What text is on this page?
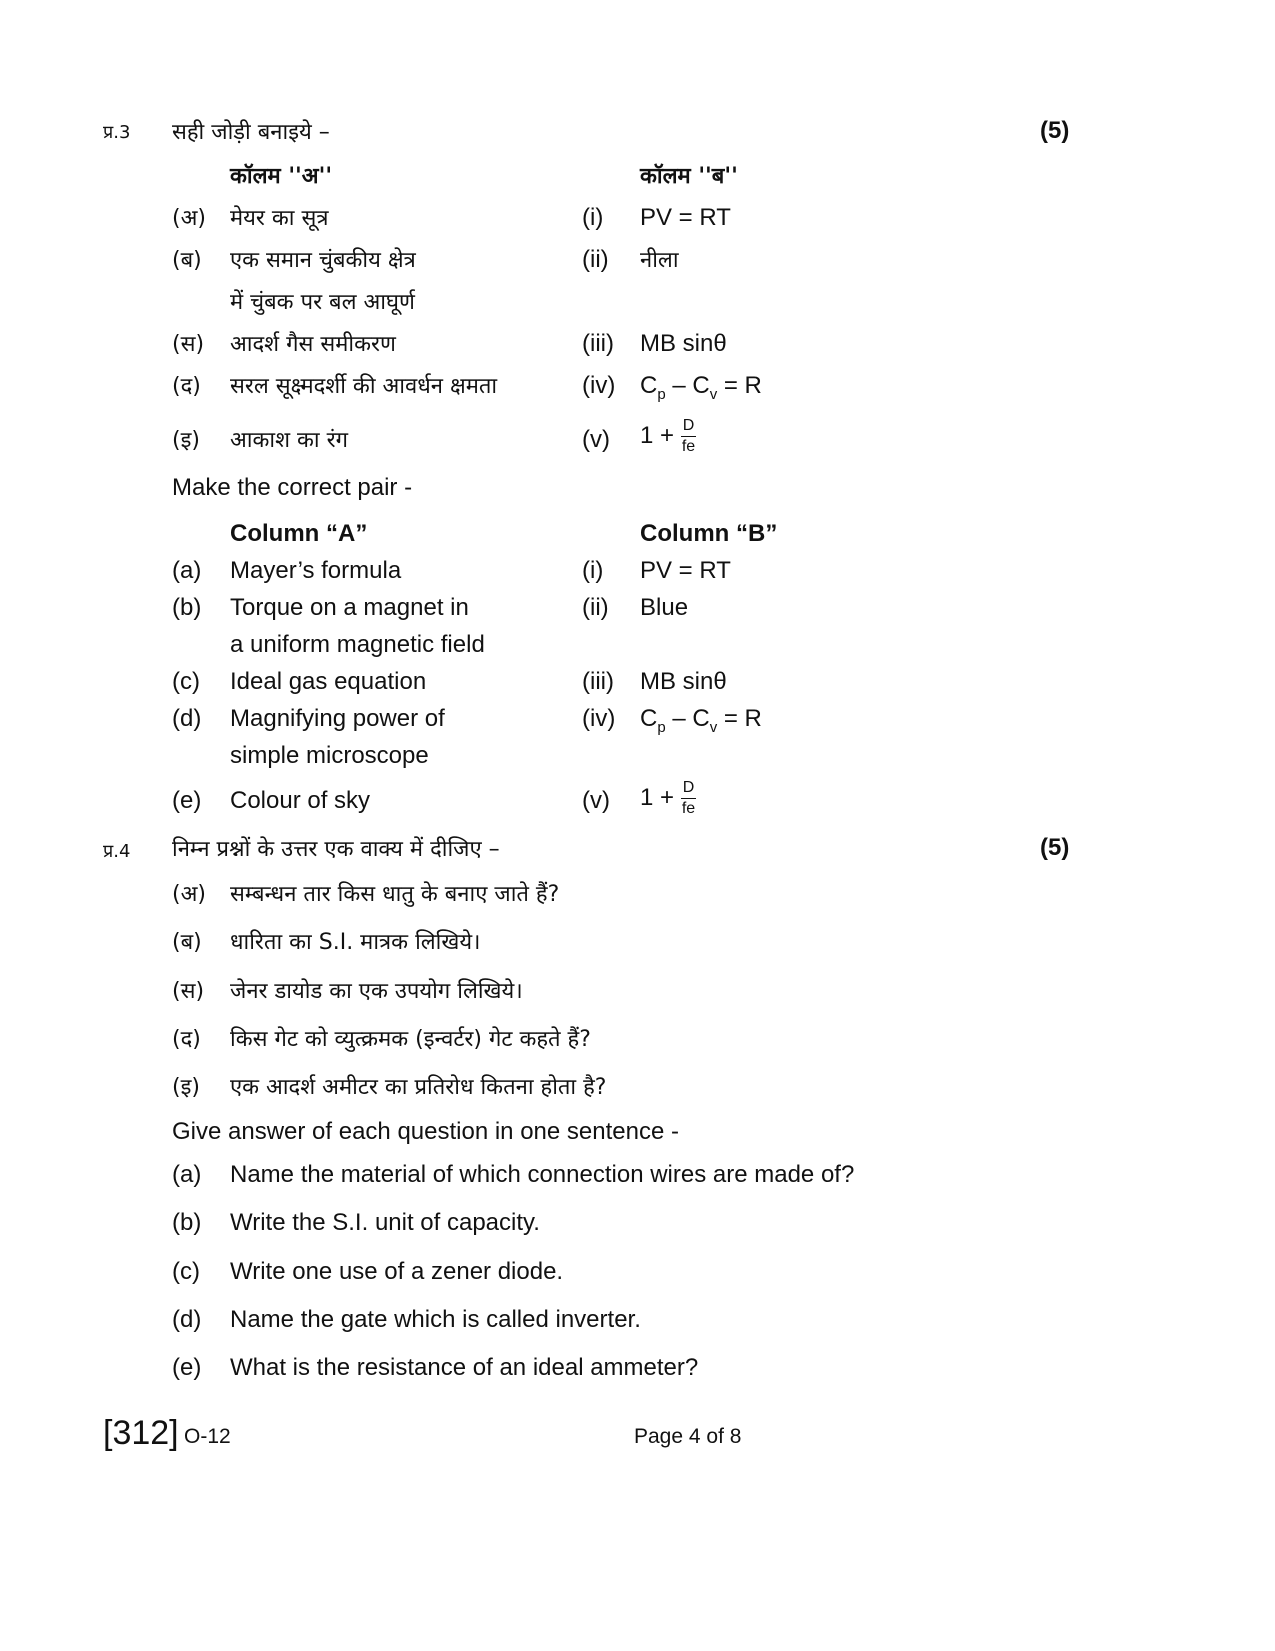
प्र.3 सही जोड़ी बनाइये –	(5)
कॉलम ''अ''	कॉलम ''ब''
(अ) मेयर का सूत्र	(i) PV = RT
(ब) एक समान चुंबकीय क्षेत्र	(ii) नीला
में चुंबक पर बल आघूर्ण
(स) आदर्श गैस समीकरण	(iii) MB sinθ
(द) सरल सूक्ष्मदर्शी की आवर्धन क्षमता	(iv) $C_p - C_v = R$
(इ) आकाश का रंग	(v) $1 + \frac{D}{fe}$
Make the correct pair -
Column “A”	Column “B”
(a) Mayer’s formula	(i) PV = RT
(b) Torque on a magnet in	(ii) Blue
a uniform magnetic field
(c) Ideal gas equation	(iii) MB sinθ
(d) Magnifying power of	(iv) $C_p - C_v = R$
simple microscope
(e) Colour of sky	(v) $1 + \frac{D}{fe}$
प्र.4 निम्न प्रश्नों के उत्तर एक वाक्य में दीजिए –	(5)
(अ) सम्बन्धन तार किस धातु के बनाए जाते हैं?
(ब) धारिता का S.I. मात्रक लिखिये।
(स) जेनर डायोड का एक उपयोग लिखिये।
(द) किस गेट को व्युत्क्रमक (इन्वर्टर) गेट कहते हैं?
(इ) एक आदर्श अमीटर का प्रतिरोध कितना होता है?
Give answer of each question in one sentence -
(a) Name the material of which connection wires are made of?
(b) Write the S.I. unit of capacity.
(c) Write one use of a zener diode.
(d) Name the gate which is called inverter.
(e) What is the resistance of an ideal ammeter?
[312] O-12	Page 4 of 8
